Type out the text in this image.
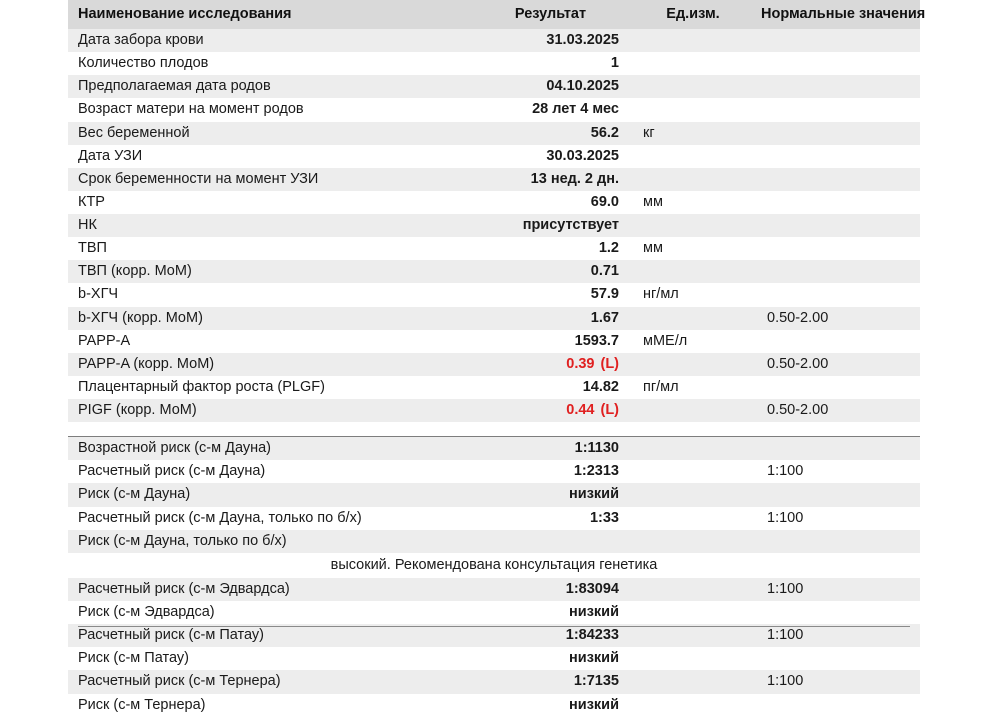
Наименование исследования	Результат	Ед.изм.	Нормальные значения
Дата забора крови	31.03.2025		
Количество плодов	1		
Предполагаемая дата родов	04.10.2025		
Возраст матери на момент родов	28 лет 4 мес		
Вес беременной	56.2	кг	
Дата УЗИ	30.03.2025		
Срок беременности на момент УЗИ	13 нед. 2 дн.		
КТР	69.0	мм	
НК	присутствует		
ТВП	1.2	мм	
ТВП (корр. МоМ)	0.71		
b-ХГЧ	57.9	нг/мл	
b-ХГЧ (корр. МоМ)	1.67		0.50-2.00
PAPP-A	1593.7	мМЕ/л	
PAPP-A (корр. МоМ)	0.39 (L)		0.50-2.00
Плацентарный фактор роста (PLGF)	14.82	пг/мл	
PIGF (корр. МоМ)	0.44 (L)		0.50-2.00

Возрастной риск (с-м Дауна)	1:1130		
Расчетный риск (с-м Дауна)	1:2313		1:100
Риск (с-м Дауна)	низкий		
Расчетный риск (с-м Дауна, только по б/х)	1:33		1:100
Риск (с-м Дауна, только по б/х)			
высокий. Рекомендована консультация генетика			
Расчетный риск (с-м Эдвардса)	1:83094		1:100
Риск (с-м Эдвардса)	низкий		
Расчетный риск (с-м Патау)	1:84233		1:100
Риск (с-м Патау)	низкий		
Расчетный риск (с-м Тернера)	1:7135		1:100
Риск (с-м Тернера)	низкий		
